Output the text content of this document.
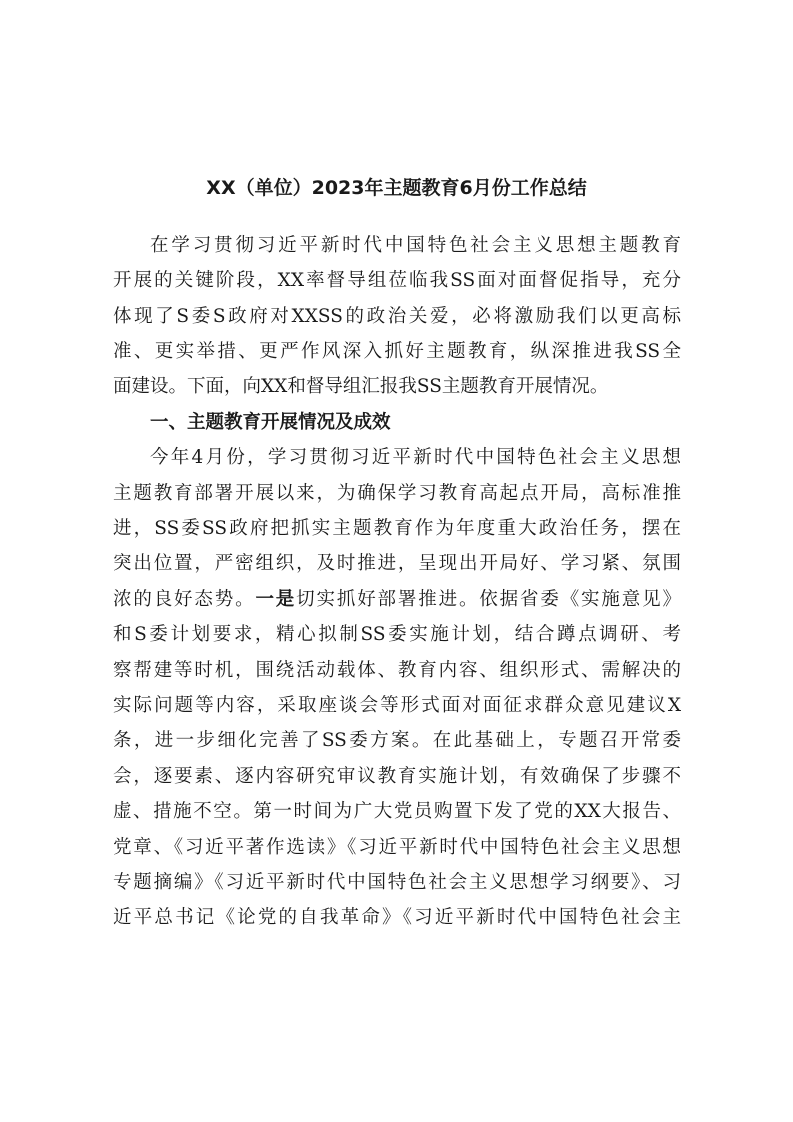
XX（单位）2023年主题教育6月份工作总结
在学习贯彻习近平新时代中国特色社会主义思想主题教育
开展的关键阶段，XX率督导组莅临我SS面对面督促指导，充分
体现了S委S政府对XXSS的政治关爱，必将激励我们以更高标
准、更实举措、更严作风深入抓好主题教育，纵深推进我SS全
面建设。下面，向XX和督导组汇报我SS主题教育开展情况。
一、主题教育开展情况及成效
今年4月份，学习贯彻习近平新时代中国特色社会主义思想
主题教育部署开展以来，为确保学习教育高起点开局，高标准推
进，SS委SS政府把抓实主题教育作为年度重大政治任务，摆在
突出位置，严密组织，及时推进，呈现出开局好、学习紧、氛围
浓的良好态势。一是切实抓好部署推进。依据省委《实施意见》
和S委计划要求，精心拟制SS委实施计划，结合蹲点调研、考
察帮建等时机，围绕活动载体、教育内容、组织形式、需解决的
实际问题等内容，采取座谈会等形式面对面征求群众意见建议X
条，进一步细化完善了SS委方案。在此基础上，专题召开常委
会，逐要素、逐内容研究审议教育实施计划，有效确保了步骤不
虚、措施不空。第一时间为广大党员购置下发了党的XX大报告、
党章、《习近平著作选读》《习近平新时代中国特色社会主义思想
专题摘编》《习近平新时代中国特色社会主义思想学习纲要》、习
近平总书记《论党的自我革命》《习近平新时代中国特色社会主
